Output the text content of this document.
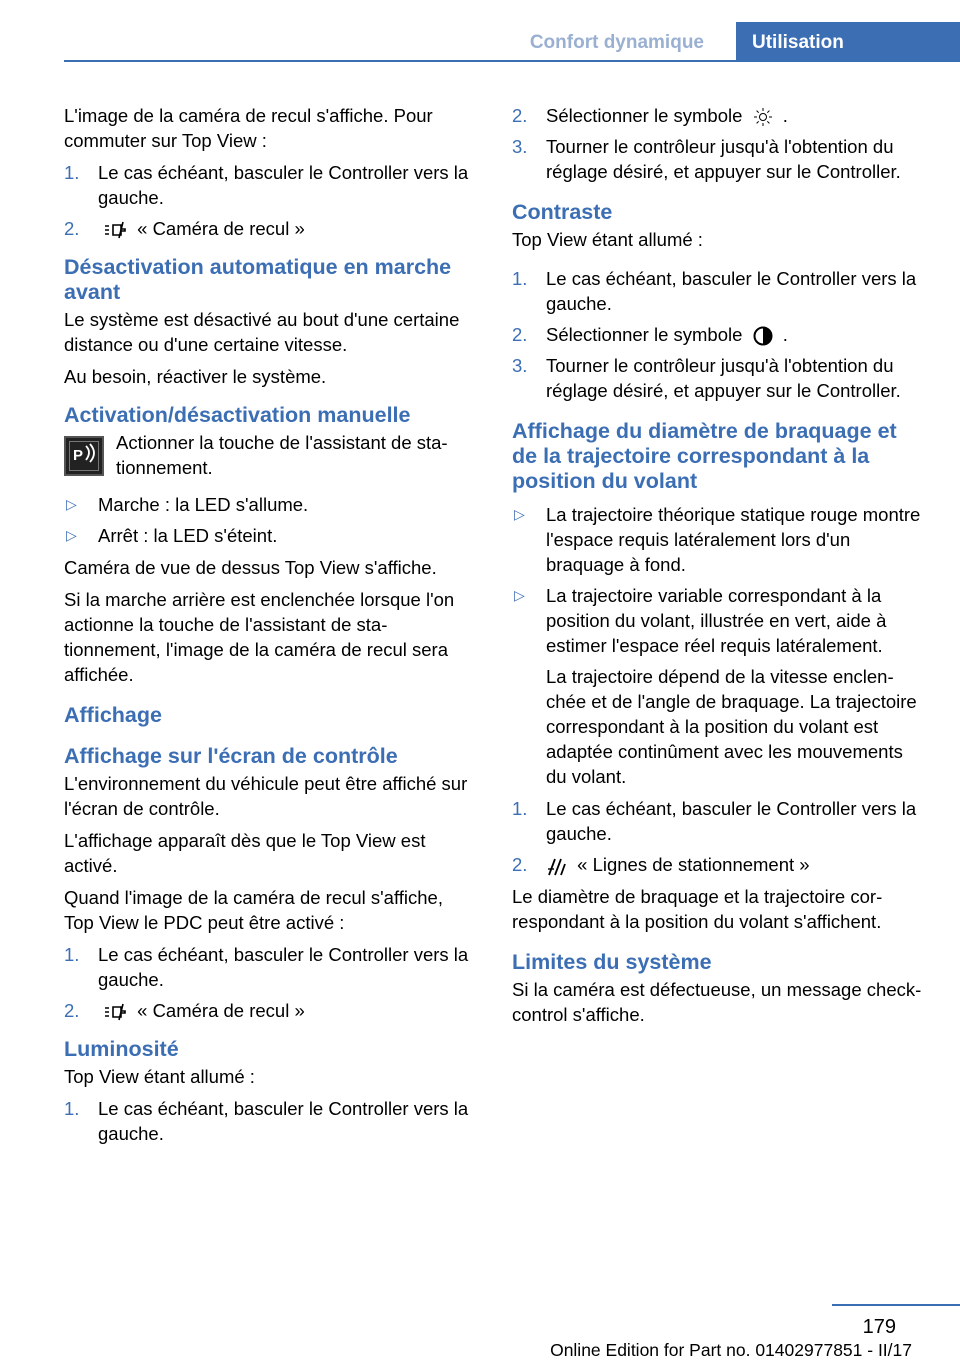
Confort dynamique	Utilisation
L'image de la caméra de recul s'affiche. Pour commuter sur Top View :
1.	Le cas échéant, basculer le Controller vers la gauche.
2.	« Caméra de recul »
Désactivation automatique en marche avant
Le système est désactivé au bout d'une certaine distance ou d'une certaine vitesse.
Au besoin, réactiver le système.
Activation/désactivation manuelle
P
Actionner la touche de l'assistant de stationnement.
▷	Marche : la LED s'allume.
▷	Arrêt : la LED s'éteint.
Caméra de vue de dessus Top View s'affiche.
Si la marche arrière est enclenchée lorsque l'on actionne la touche de l'assistant de stationnement, l'image de la caméra de recul sera affichée.
Affichage
Affichage sur l'écran de contrôle
L'environnement du véhicule peut être affiché sur l'écran de contrôle.
L'affichage apparaît dès que le Top View est activé.
Quand l'image de la caméra de recul s'affiche, Top View le PDC peut être activé :
1.	Le cas échéant, basculer le Controller vers la gauche.
2.	« Caméra de recul »
Luminosité
Top View étant allumé :
1.	Le cas échéant, basculer le Controller vers la gauche.
2.	Sélectionner le symbole .
3.	Tourner le contrôleur jusqu'à l'obtention du réglage désiré, et appuyer sur le Controller.
Contraste
Top View étant allumé :
1.	Le cas échéant, basculer le Controller vers la gauche.
2.	Sélectionner le symbole .
3.	Tourner le contrôleur jusqu'à l'obtention du réglage désiré, et appuyer sur le Controller.
Affichage du diamètre de braquage et de la trajectoire correspondant à la position du volant
▷	La trajectoire théorique statique rouge montre l'espace requis latéralement lors d'un braquage à fond.
▷	La trajectoire variable correspondant à la position du volant, illustrée en vert, aide à estimer l'espace réel requis latéralement.
La trajectoire dépend de la vitesse enclenchée et de l'angle de braquage. La trajectoire correspondant à la position du volant est adaptée continûment avec les mouvements du volant.
1.	Le cas échéant, basculer le Controller vers la gauche.
2.	« Lignes de stationnement »
Le diamètre de braquage et la trajectoire correspondant à la position du volant s'affichent.
Limites du système
Si la caméra est défectueuse, un message check-control s'affiche.
179
Online Edition for Part no. 01402977851 - II/17
